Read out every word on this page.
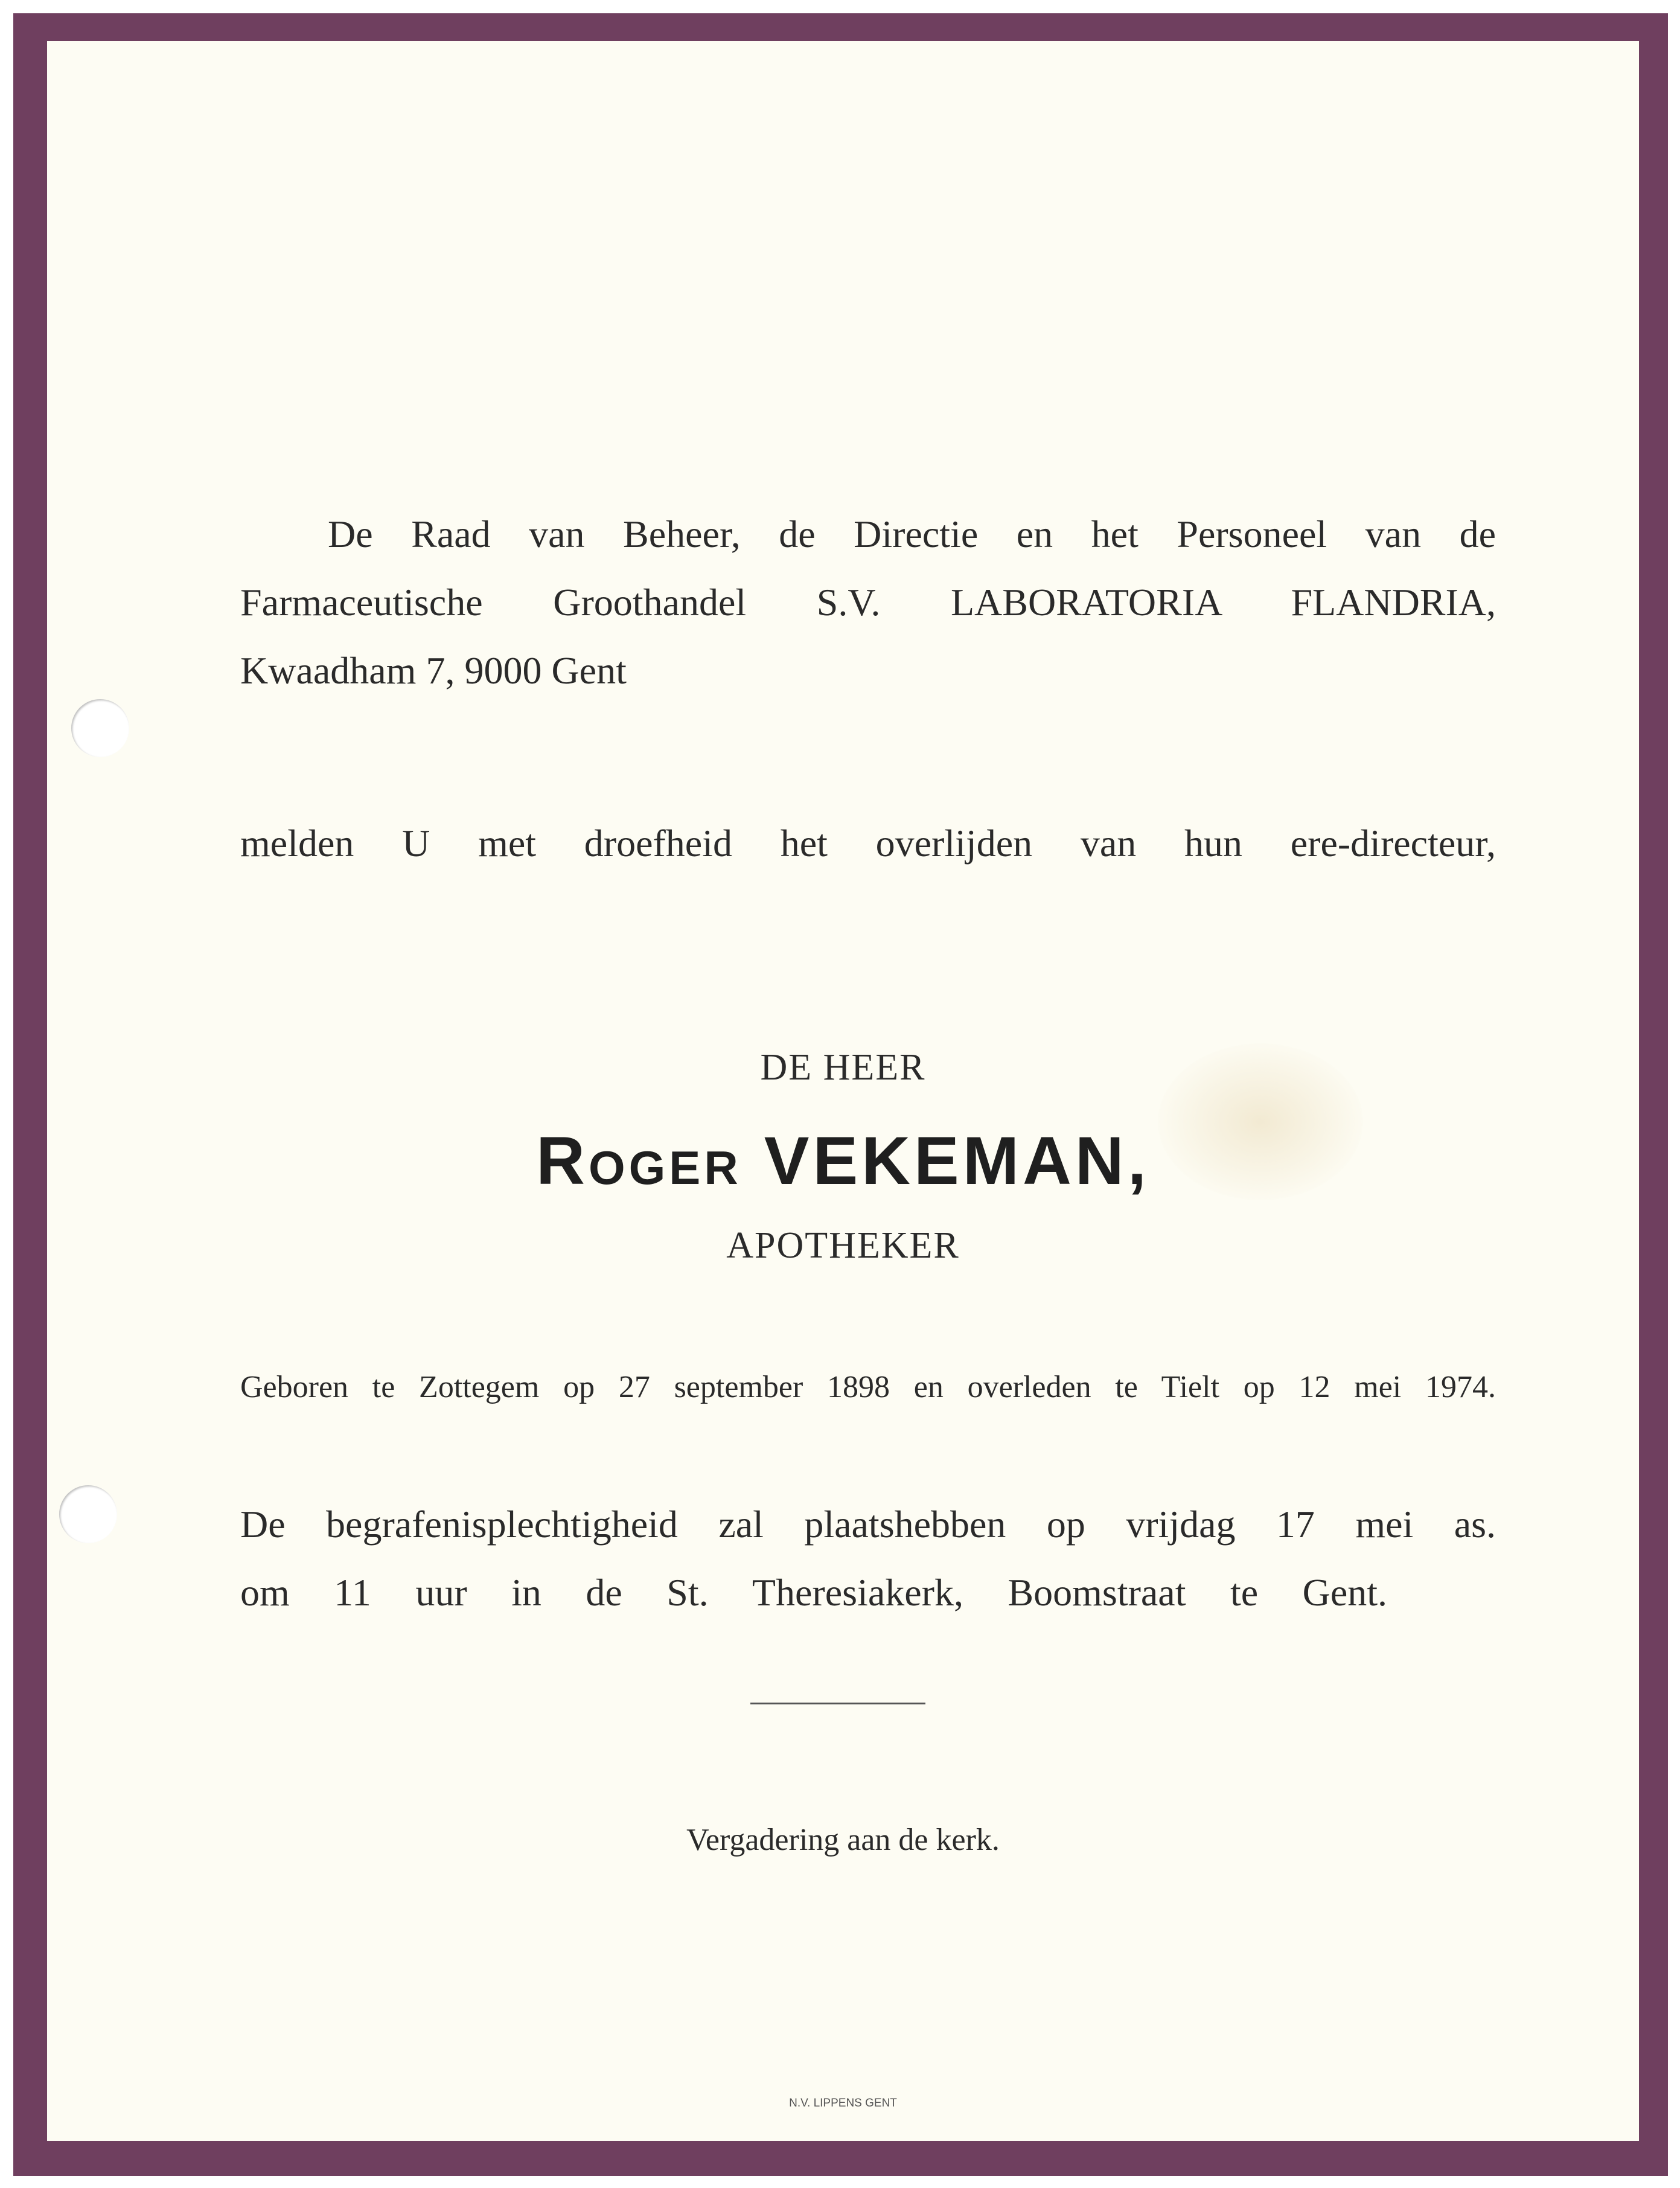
De Raad van Beheer, de Directie en het Personeel van de
Farmaceutische Groothandel S.V. LABORATORIA FLANDRIA,
Kwaadham 7, 9000 Gent

melden U met droefheid het overlijden van hun ere-directeur,

DE HEER

Roger VEKEMAN,

APOTHEKER

Geboren te Zottegem op 27 september 1898 en overleden te Tielt op 12 mei 1974.

De begrafenisplechtigheid zal plaatshebben op vrijdag 17 mei as.
om 11 uur in de St. Theresiakerk, Boomstraat te Gent.

Vergadering aan de kerk.

N.V. LIPPENS GENT
